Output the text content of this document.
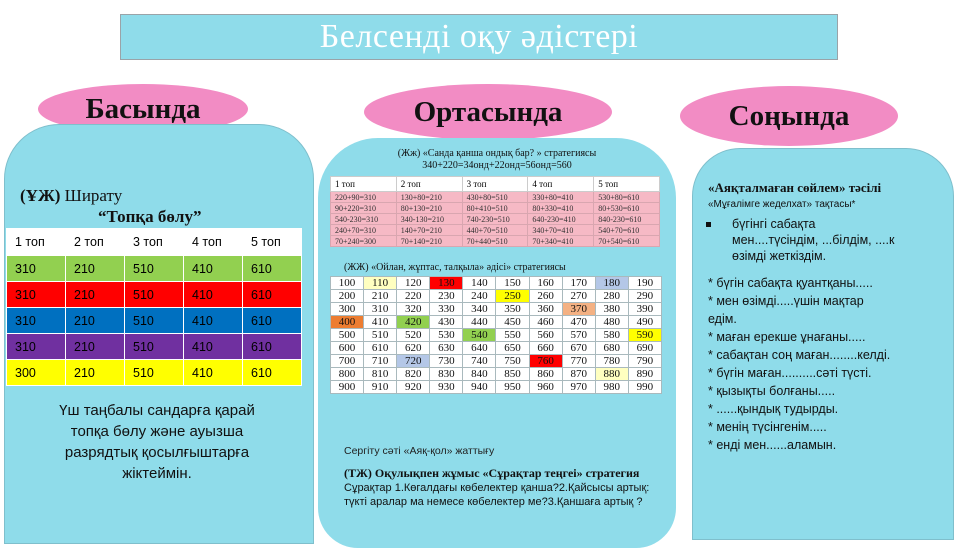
Белсенді оқу әдістері
Басында	Ортасында	Соңында
(ҰЖ) Ширату
“Топқа бөлу”
1 топ	2 топ	3 топ	4 топ	5 топ
310	210	510	410	610
310	210	510	410	610
310	210	510	410	610
310	210	510	410	610
300	210	510	410	610
Үш таңбалы сандарға қарай
топқа бөлу және ауызша
разрядтық қосылғыштарға
жіктеймін.
(Жж) «Санда қанша ондық бар? » стратегиясы
340+220=34онд+22онд=56онд=560
1 топ	2 топ	3 топ	4 топ	5 топ
220+90=310	130+80=210	430+80=510	330+80=410	530+80=610
90+220=310	80+130=210	80+410=510	80+330=410	80+530=610
540-230=310	340-130=210	740-230=510	640-230=410	840-230=610
240+70=310	140+70=210	440+70=510	340+70=410	540+70=610
70+240=300	70+140=210	70+440=510	70+340=410	70+540=610
(ЖЖ) «Ойлан, жұптас, талқыла» әдісі» стратегиясы
100	110	120	130	140	150	160	170	180	190
200	210	220	230	240	250	260	270	280	290
300	310	320	330	340	350	360	370	380	390
400	410	420	430	440	450	460	470	480	490
500	510	520	530	540	550	560	570	580	590
600	610	620	630	640	650	660	670	680	690
700	710	720	730	740	750	760	770	780	790
800	810	820	830	840	850	860	870	880	890
900	910	920	930	940	950	960	970	980	990
Сергіту сәті «Аяқ-қол» жаттығу
(ТЖ) Оқулықпен жұмыс «Сұрақтар теңгеі» стратегия Сұрақтар 1.Көгалдағы көбелектер қанша?2.Қайсысы артық: түкті аралар ма немесе көбелектер ме?3.Қаншаға артық ?
«Аяқталмаған сөйлем» тәсілі
«Мұғалімге жеделхат» тақтасы*
бүгінгі сабақта
мен....түсіндім, ...білдім, ....к
өзімді жеткіздім.
* бүгін сабақта қуантқаны.....
* мен өзімді.....үшін мақтар
едім.
* маған ерекше ұнағаны.....
* сабақтан соң маған........келді.
* бүгін маған..........сәті түсті.
* қызықты болғаны.....
* ......қындық тудырды.
* менің түсінгенім.....
* енді мен......аламын.
